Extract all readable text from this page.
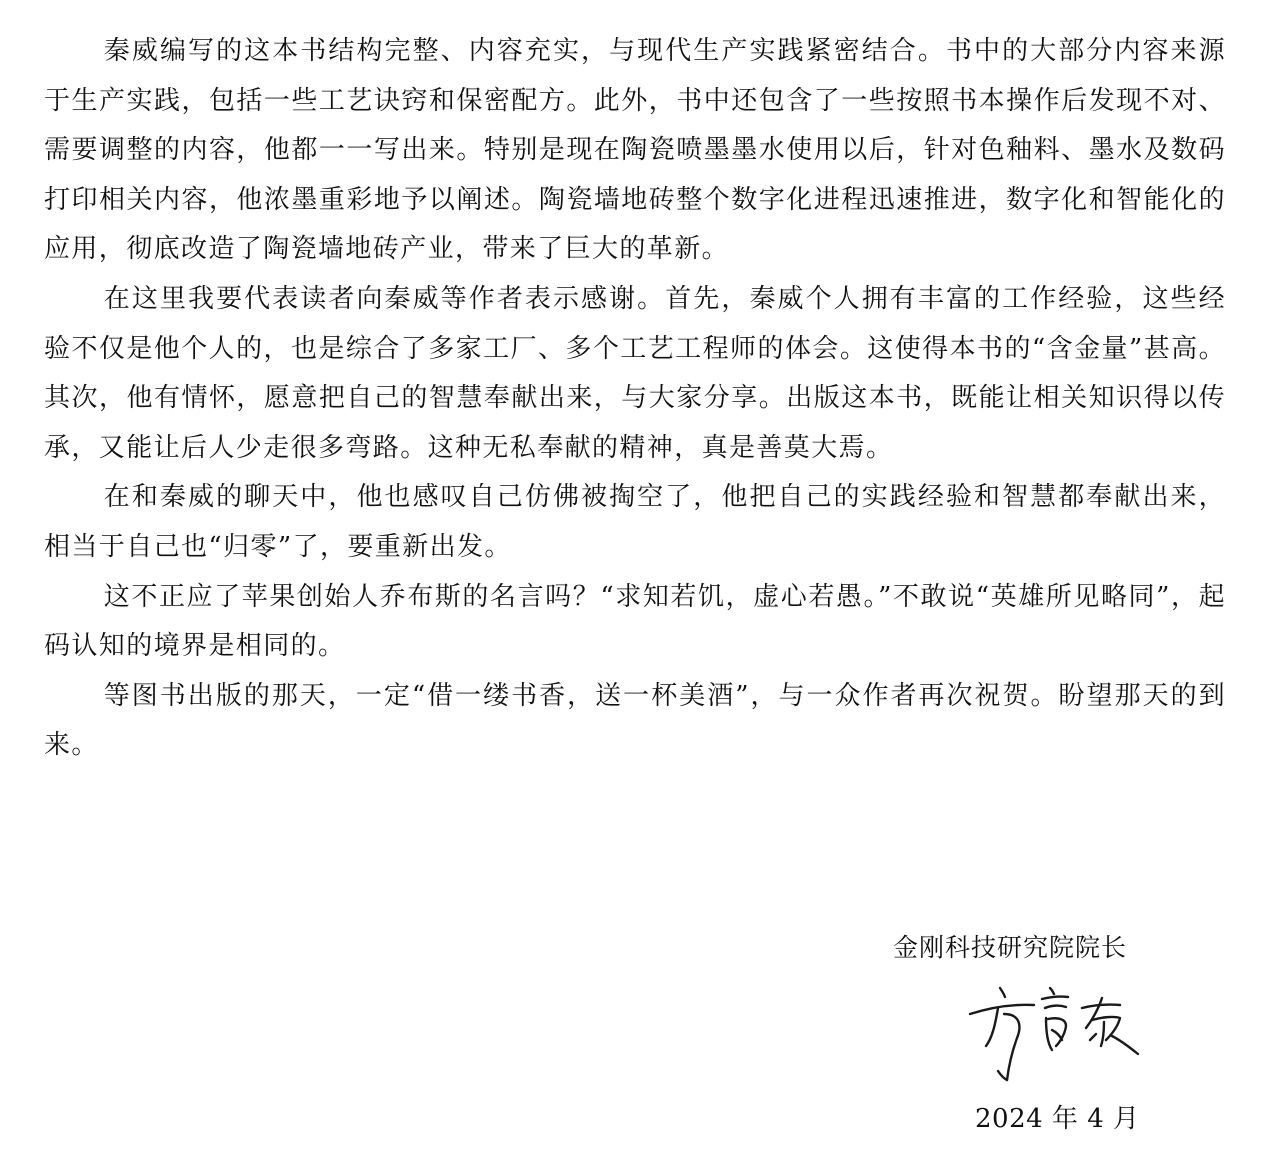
秦威编写的这本书结构完整、内容充实，与现代生产实践紧密结合。书中的大部分内容来源于生产实践，包括一些工艺诀窍和保密配方。此外，书中还包含了一些按照书本操作后发现不对、需要调整的内容，他都一一写出来。特别是现在陶瓷喷墨墨水使用以后，针对色釉料、墨水及数码打印相关内容，他浓墨重彩地予以阐述。陶瓷墙地砖整个数字化进程迅速推进，数字化和智能化的应用，彻底改造了陶瓷墙地砖产业，带来了巨大的革新。

在这里我要代表读者向秦威等作者表示感谢。首先，秦威个人拥有丰富的工作经验，这些经验不仅是他个人的，也是综合了多家工厂、多个工艺工程师的体会。这使得本书的“含金量”甚高。其次，他有情怀，愿意把自己的智慧奉献出来，与大家分享。出版这本书，既能让相关知识得以传承，又能让后人少走很多弯路。这种无私奉献的精神，真是善莫大焉。

在和秦威的聊天中，他也感叹自己仿佛被掏空了，他把自己的实践经验和智慧都奉献出来，相当于自己也“归零”了，要重新出发。

这不正应了苹果创始人乔布斯的名言吗？“求知若饥，虚心若愚。”不敢说“英雄所见略同”，起码认知的境界是相同的。

等图书出版的那天，一定“借一缕书香，送一杯美酒”，与一众作者再次祝贺。盼望那天的到来。

金刚科技研究院院长
2024 年 4 月
